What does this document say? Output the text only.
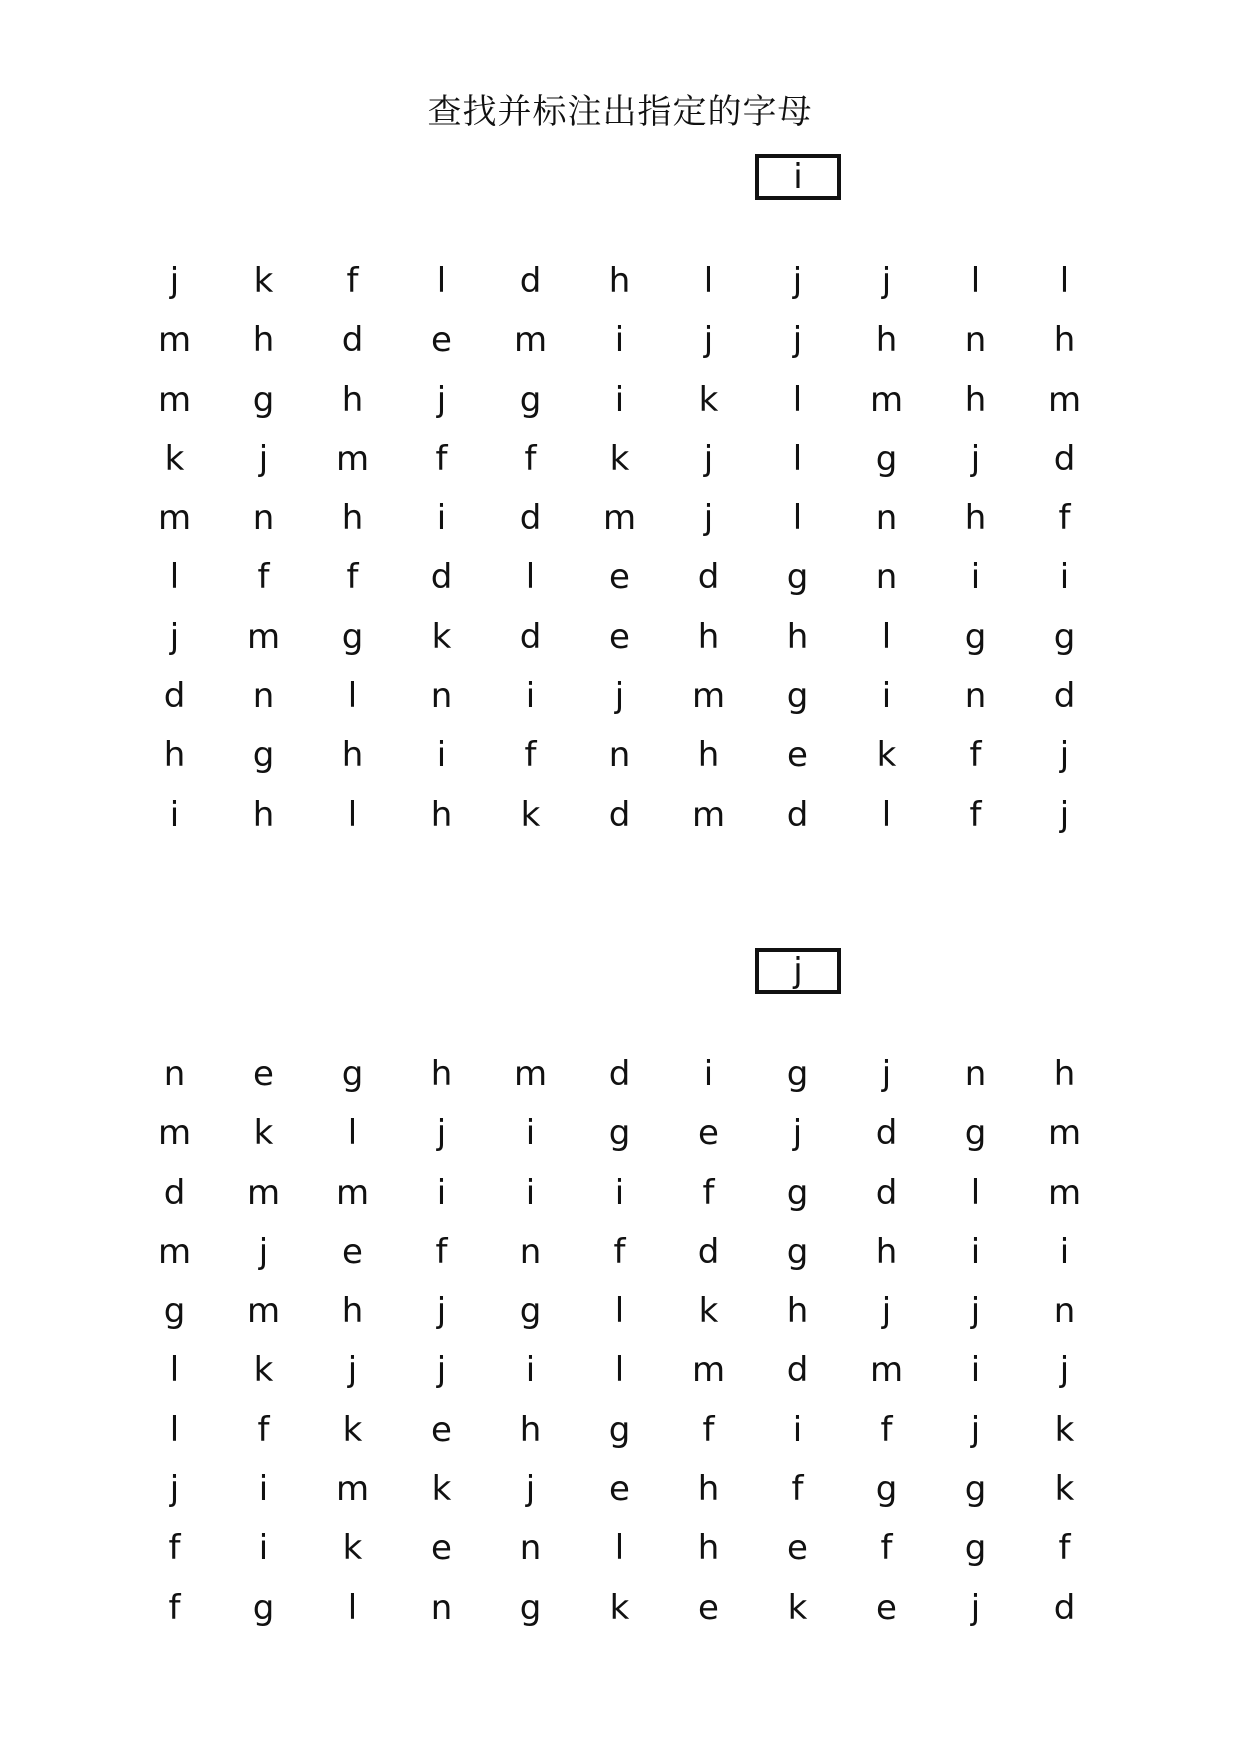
查找并标注出指定的字母
i
j	k	f	l	d	h	l	j	j	l	l
m	h	d	e	m	i	j	j	h	n	h
m	g	h	j	g	i	k	l	m	h	m
k	j	m	f	f	k	j	l	g	j	d
m	n	h	i	d	m	j	l	n	h	f
l	f	f	d	l	e	d	g	n	i	i
j	m	g	k	d	e	h	h	l	g	g
d	n	l	n	i	j	m	g	i	n	d
h	g	h	i	f	n	h	e	k	f	j
i	h	l	h	k	d	m	d	l	f	j
j
n	e	g	h	m	d	i	g	j	n	h
m	k	l	j	i	g	e	j	d	g	m
d	m	m	i	i	i	f	g	d	l	m
m	j	e	f	n	f	d	g	h	i	i
g	m	h	j	g	l	k	h	j	j	n
l	k	j	j	i	l	m	d	m	i	j
l	f	k	e	h	g	f	i	f	j	k
j	i	m	k	j	e	h	f	g	g	k
f	i	k	e	n	l	h	e	f	g	f
f	g	l	n	g	k	e	k	e	j	d
